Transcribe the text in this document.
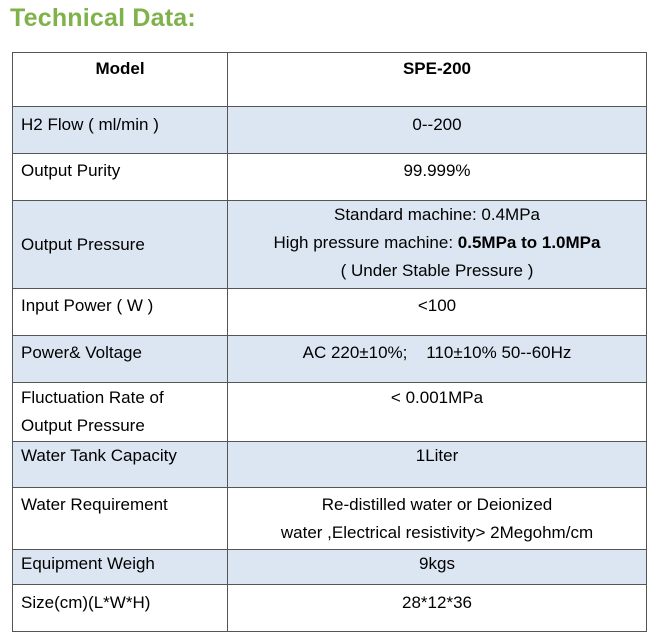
Technical Data:
Model	SPE-200
H2 Flow ( ml/min )	0--200
Output Purity	99.999%
Output Pressure	Standard machine: 0.4MPa
High pressure machine: 0.5MPa to 1.0MPa
( Under Stable Pressure )

Input Power ( W )	<100
Power& Voltage	AC 220±10%;    110±10% 50--60Hz

Fluctuation Rate of
Output Pressure	< 0.001MPa
Water Tank Capacity	1Liter
Water Requirement	Re-distilled water or Deionized
water ,Electrical resistivity> 2Megohm/cm

Equipment Weigh	9kgs
Size(cm)(L*W*H)	28*12*36
